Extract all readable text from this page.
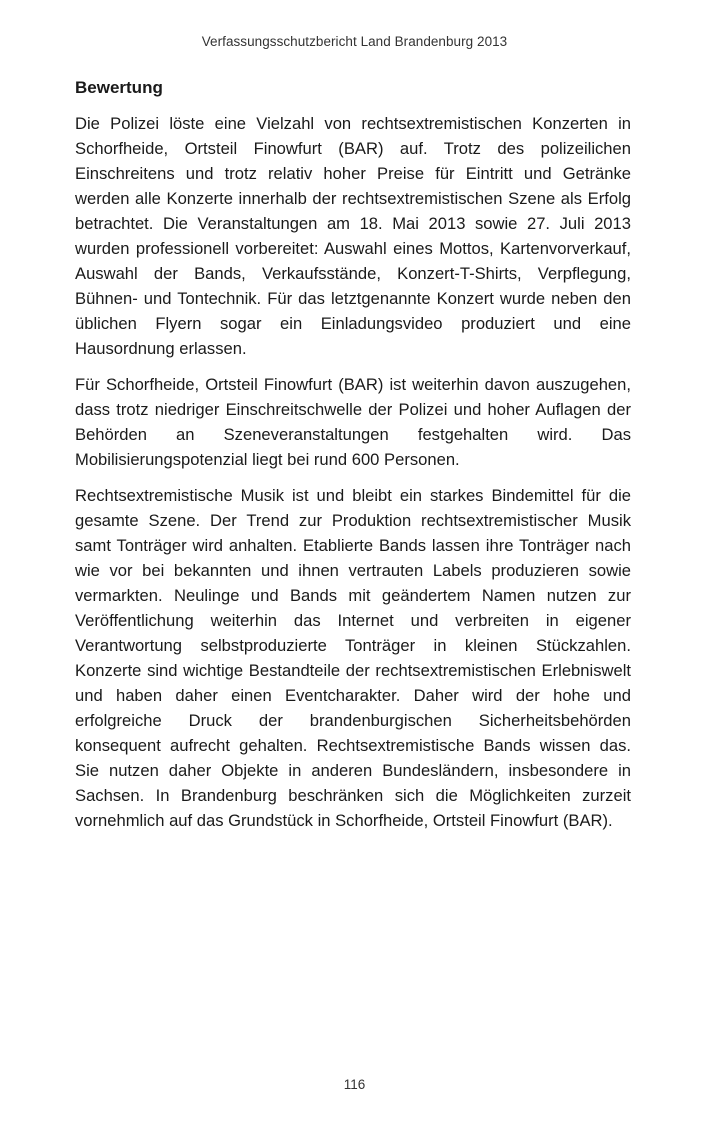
Verfassungsschutzbericht Land Brandenburg 2013
Bewertung

Die Polizei löste eine Vielzahl von rechtsextremistischen Konzerten in Schorfheide, Ortsteil Finowfurt (BAR) auf. Trotz des polizeilichen Einschreitens und trotz relativ hoher Preise für Eintritt und Getränke werden alle Konzerte innerhalb der rechtsextremistischen Szene als Erfolg betrachtet. Die Veranstaltungen am 18. Mai 2013 sowie 27. Juli 2013 wurden professionell vorbereitet: Auswahl eines Mottos, Kartenvorverkauf, Auswahl der Bands, Verkaufsstände, Konzert-T-Shirts, Verpflegung, Bühnen- und Tontechnik. Für das letztgenannte Konzert wurde neben den üblichen Flyern sogar ein Einladungsvideo produziert und eine Hausordnung erlassen.

Für Schorfheide, Ortsteil Finowfurt (BAR) ist weiterhin davon auszugehen, dass trotz niedriger Einschreitschwelle der Polizei und hoher Auflagen der Behörden an Szeneveranstaltungen festgehalten wird. Das Mobilisierungspotenzial liegt bei rund 600 Personen.

Rechtsextremistische Musik ist und bleibt ein starkes Bindemittel für die gesamte Szene. Der Trend zur Produktion rechtsextremistischer Musik samt Tonträger wird anhalten. Etablierte Bands lassen ihre Tonträger nach wie vor bei bekannten und ihnen vertrauten Labels produzieren sowie vermarkten. Neulinge und Bands mit geändertem Namen nutzen zur Veröffentlichung weiterhin das Internet und verbreiten in eigener Verantwortung selbstproduzierte Tonträger in kleinen Stückzahlen. Konzerte sind wichtige Bestandteile der rechtsextremistischen Erlebniswelt und haben daher einen Eventcharakter. Daher wird der hohe und erfolgreiche Druck der brandenburgischen Sicherheitsbehörden konsequent aufrecht gehalten. Rechtsextremistische Bands wissen das. Sie nutzen daher Objekte in anderen Bundesländern, insbesondere in Sachsen. In Brandenburg beschränken sich die Möglichkeiten zurzeit vornehmlich auf das Grundstück in Schorfheide, Ortsteil Finowfurt (BAR).

116
